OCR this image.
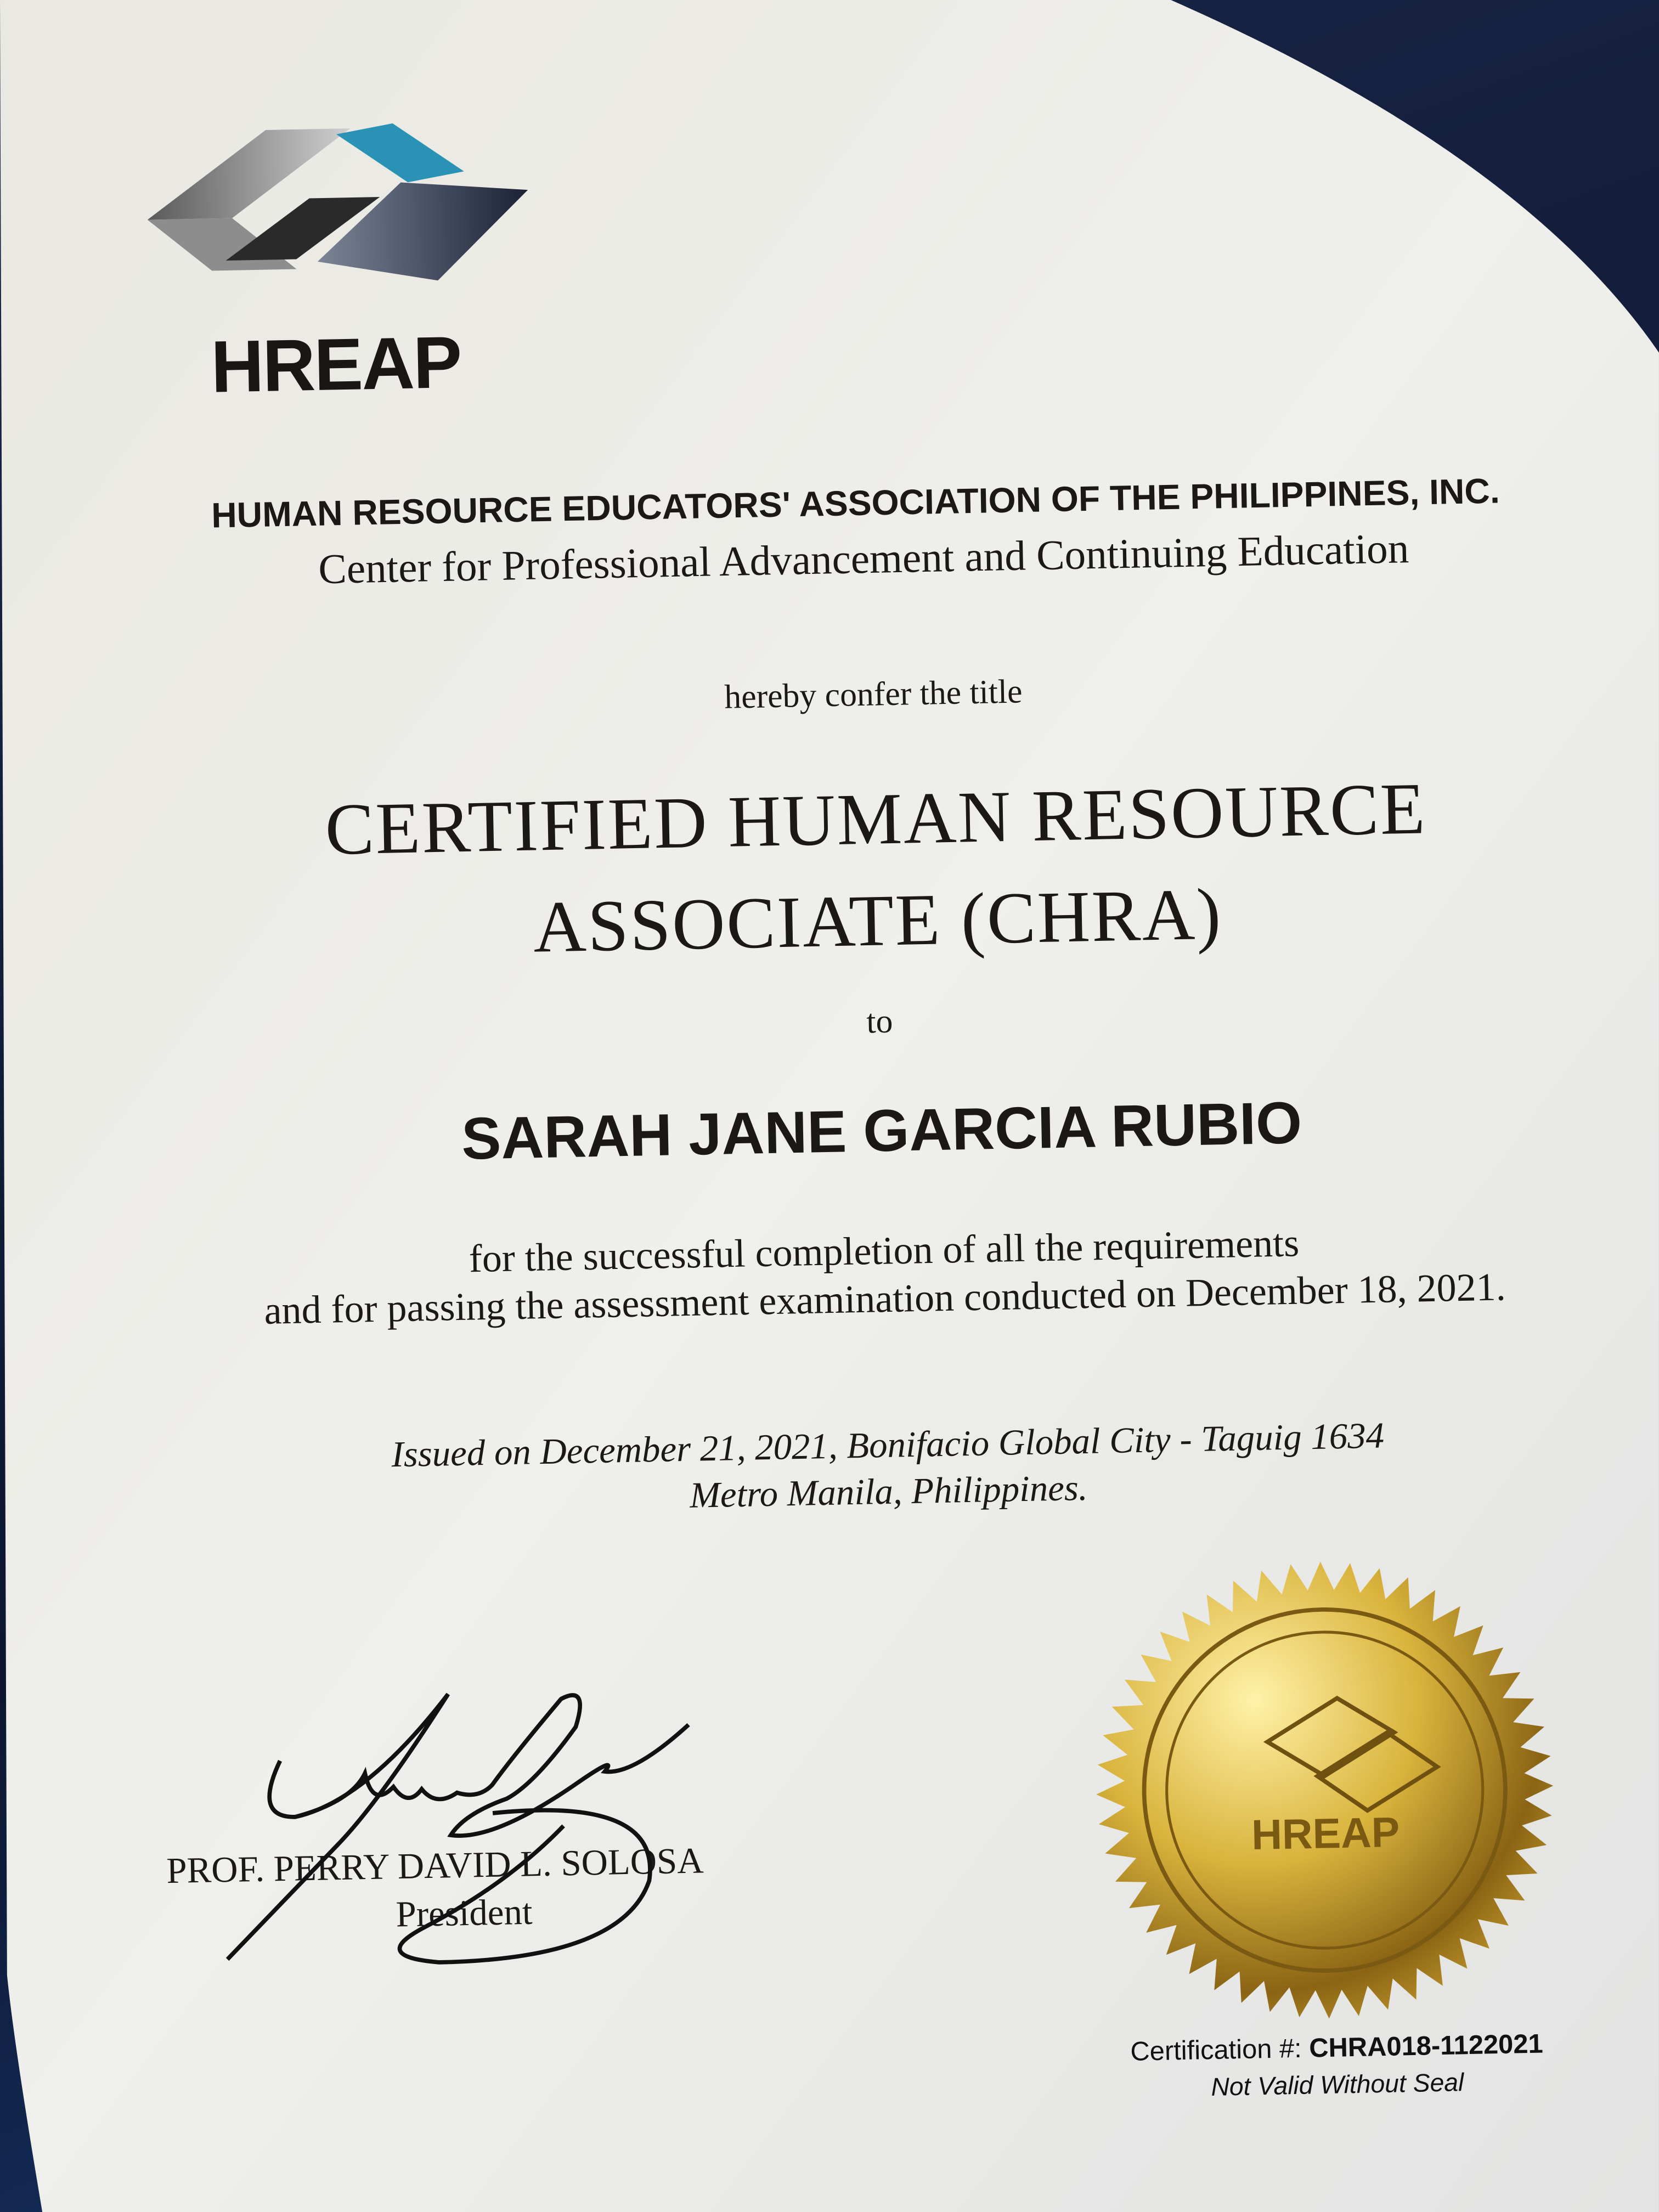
HREAP
HUMAN RESOURCE EDUCATORS' ASSOCIATION OF THE PHILIPPINES, INC.
Center for Professional Advancement and Continuing Education
hereby confer the title
CERTIFIED HUMAN RESOURCE
ASSOCIATE (CHRA)
to
SARAH JANE GARCIA RUBIO
for the successful completion of all the requirements
and for passing the assessment examination conducted on December 18, 2021.
Issued on December 21, 2021, Bonifacio Global City - Taguig 1634
Metro Manila, Philippines.
PROF. PERRY DAVID L. SOLOSA
President
HREAP
Certification #: CHRA018-1122021
Not Valid Without Seal
